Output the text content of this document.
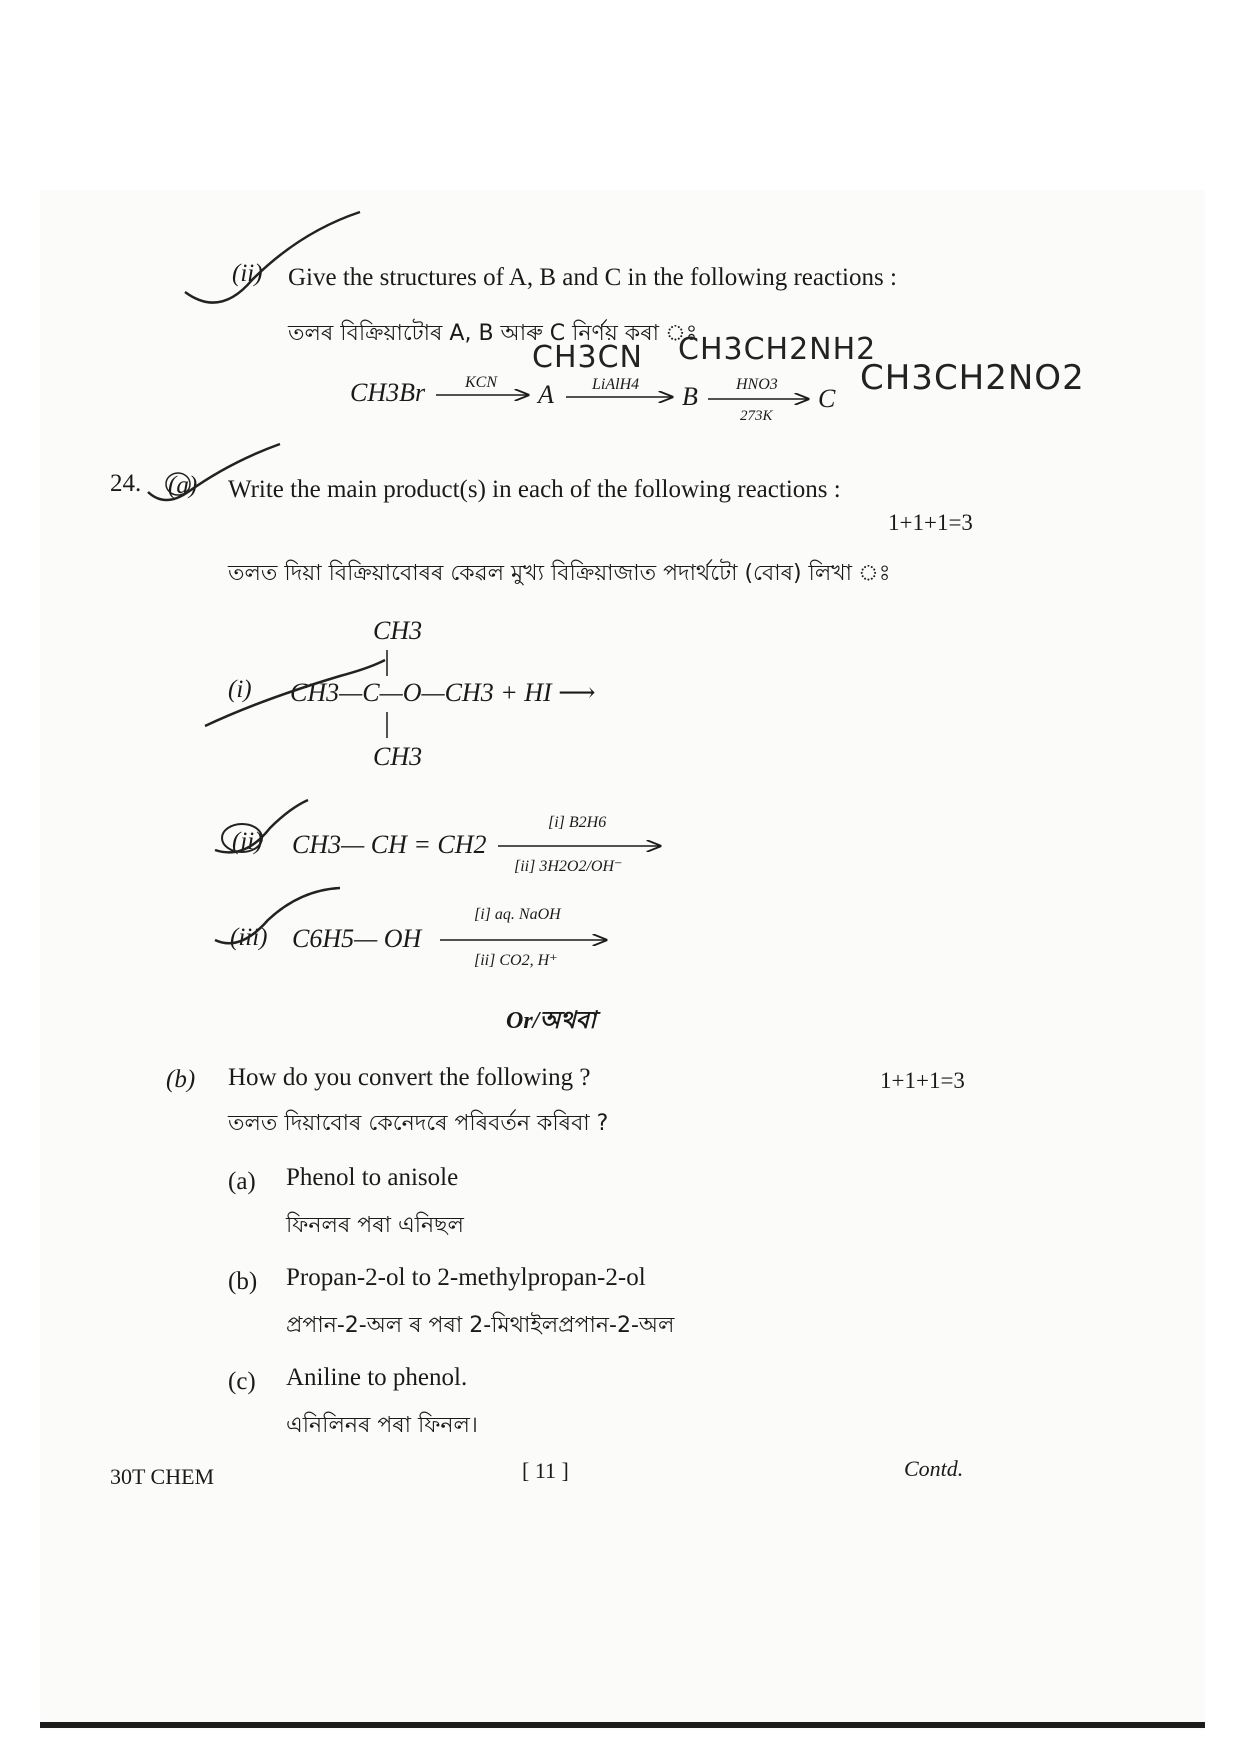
(ii) Give the structures of A, B and C in the following reactions :
তলৰ বিক্ৰিয়াটোৰ A, B আৰু C নিৰ্ণয় কৰা ঃ
CH3Br KCN A LiAlH4 B HNO3
273K
C
CH3CN CH3CH2NH2
CH3CH2NO2
24. (a) Write the main product(s) in each of the following reactions :
1+1+1=3
তলত দিয়া বিক্ৰিয়াবোৰৰ কেৱল মুখ্য বিক্ৰিয়াজাত পদাৰ্থটো (বোৰ) লিখা ঃ
(i)
CH3
CH3—C—O—CH3 + HI ⟶
CH3
(ii) CH3— CH = CH2
[i] B2H6
[ii] 3H2O2/OH⁻
(iii) C6H5— OH
[i] aq. NaOH
[ii] CO2, H⁺
Or/অথবা
(b) How do you convert the following ?	1+1+1=3
তলত দিয়াবোৰ কেনেদৰে পৰিবৰ্তন কৰিবা ?
(a) Phenol to anisole
ফিনলৰ পৰা এনিছল
(b) Propan-2-ol to 2-methylpropan-2-ol
প্ৰপান-2-অল ৰ পৰা 2-মিথাইলপ্ৰপান-2-অল
(c) Aniline to phenol.
এনিলিনৰ পৰা ফিনল।
30T CHEM	[ 11 ]	Contd.
